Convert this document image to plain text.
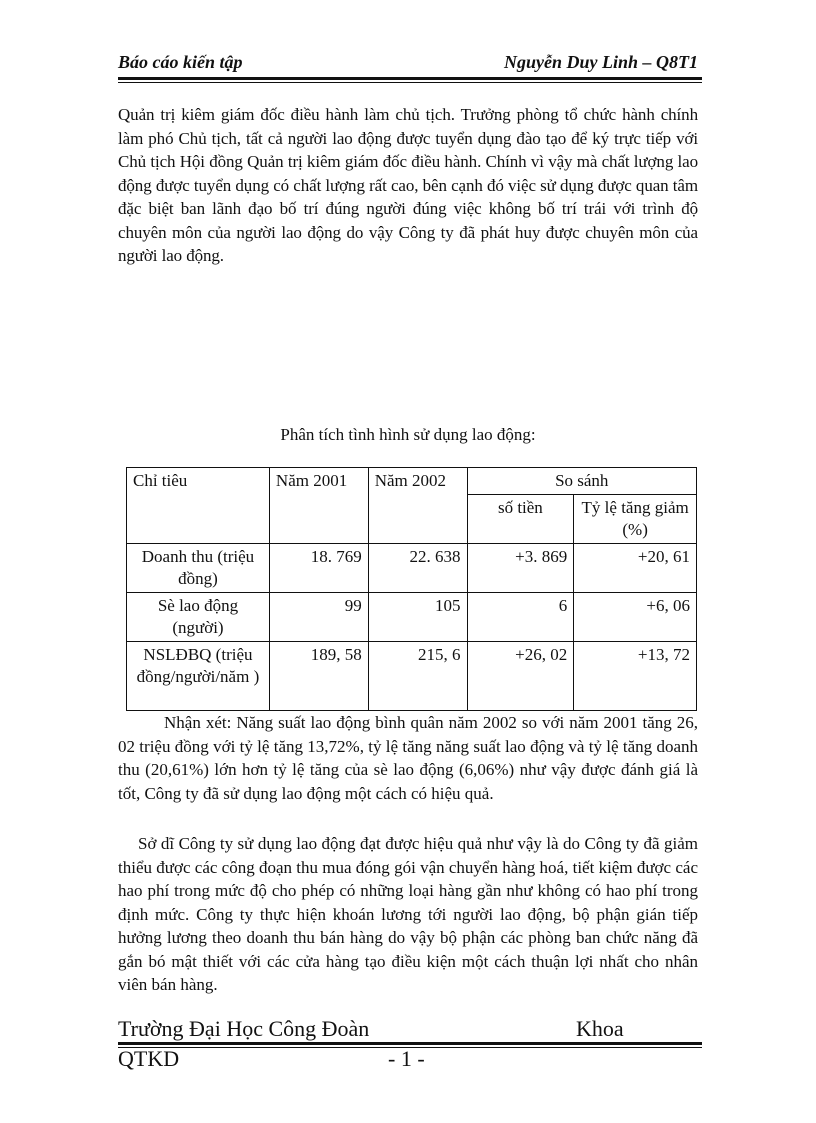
Báo cáo kiến tập	Nguyễn Duy Linh – Q8T1

Quản trị kiêm giám đốc điều hành làm chủ tịch. Trưởng phòng tổ chức hành chính làm phó Chủ tịch, tất cả người lao động được tuyển dụng đào tạo để ký trực tiếp với Chủ tịch Hội đồng Quản trị kiêm giám đốc điều hành. Chính vì vậy mà chất lượng lao động được tuyển dụng có chất lượng rất cao, bên cạnh đó việc sử dụng được quan tâm đặc biệt ban lãnh đạo bố trí đúng người đúng việc không bố trí trái với trình độ chuyên môn của người lao động do vậy Công ty đã phát huy được chuyên môn của người lao động.

Phân tích tình hình sử dụng lao động:
Chỉ tiêu	Năm 2001	Năm 2002	So sánh	
			số tiền	Tỷ lệ tăng giảm (%)
Doanh thu (triệu đồng)	18. 769	22. 638	+3. 869	+20, 61
Sè lao động (người)	99	105	6	+6, 06
NSLĐBQ (triệu đồng/người/năm )	189, 58	215, 6	+26, 02	+13, 72

Nhận xét: Năng suất lao động bình quân năm 2002 so với năm 2001 tăng 26, 02 triệu đồng với tỷ lệ tăng 13,72%, tỷ lệ tăng năng suất lao động và tỷ lệ tăng doanh thu (20,61%) lớn hơn tỷ lệ tăng của sè lao động (6,06%) như vậy được đánh giá là tốt, Công ty đã sử dụng lao động một cách có hiệu quả.

Sở dĩ Công ty sử dụng lao động đạt được hiệu quả như vậy là do Công ty đã giảm thiểu được các công đoạn thu mua đóng gói vận chuyển hàng hoá, tiết kiệm được các hao phí trong mức độ cho phép có những loại hàng gần như không có hao phí trong định mức. Công ty thực hiện khoán lương tới người lao động, bộ phận gián tiếp hưởng lương theo doanh thu bán hàng do vậy bộ phận các phòng ban chức năng đã gắn bó mật thiết với các cửa hàng tạo điều kiện một cách thuận lợi nhất cho nhân viên bán hàng.

Trường Đại Học Công Đoàn	Khoa
QTKD	- 1 -
